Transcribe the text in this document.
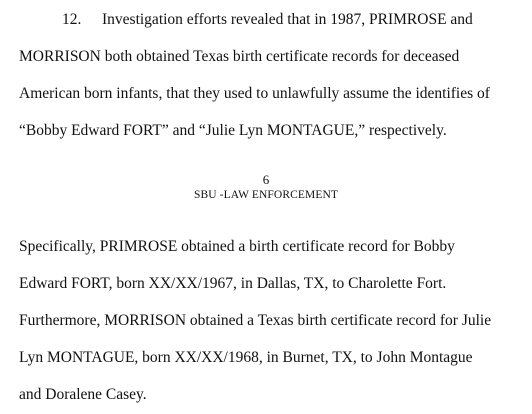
12. Investigation efforts revealed that in 1987, PRIMROSE and
MORRISON both obtained Texas birth certificate records for deceased
American born infants, that they used to unlawfully assume the identifies of
“Bobby Edward FORT” and “Julie Lyn MONTAGUE,” respectively.
6
SBU -LAW ENFORCEMENT
Specifically, PRIMROSE obtained a birth certificate record for Bobby
Edward FORT, born XX/XX/1967, in Dallas, TX, to Charolette Fort.
Furthermore, MORRISON obtained a Texas birth certificate record for Julie
Lyn MONTAGUE, born XX/XX/1968, in Burnet, TX, to John Montague
and Doralene Casey.
